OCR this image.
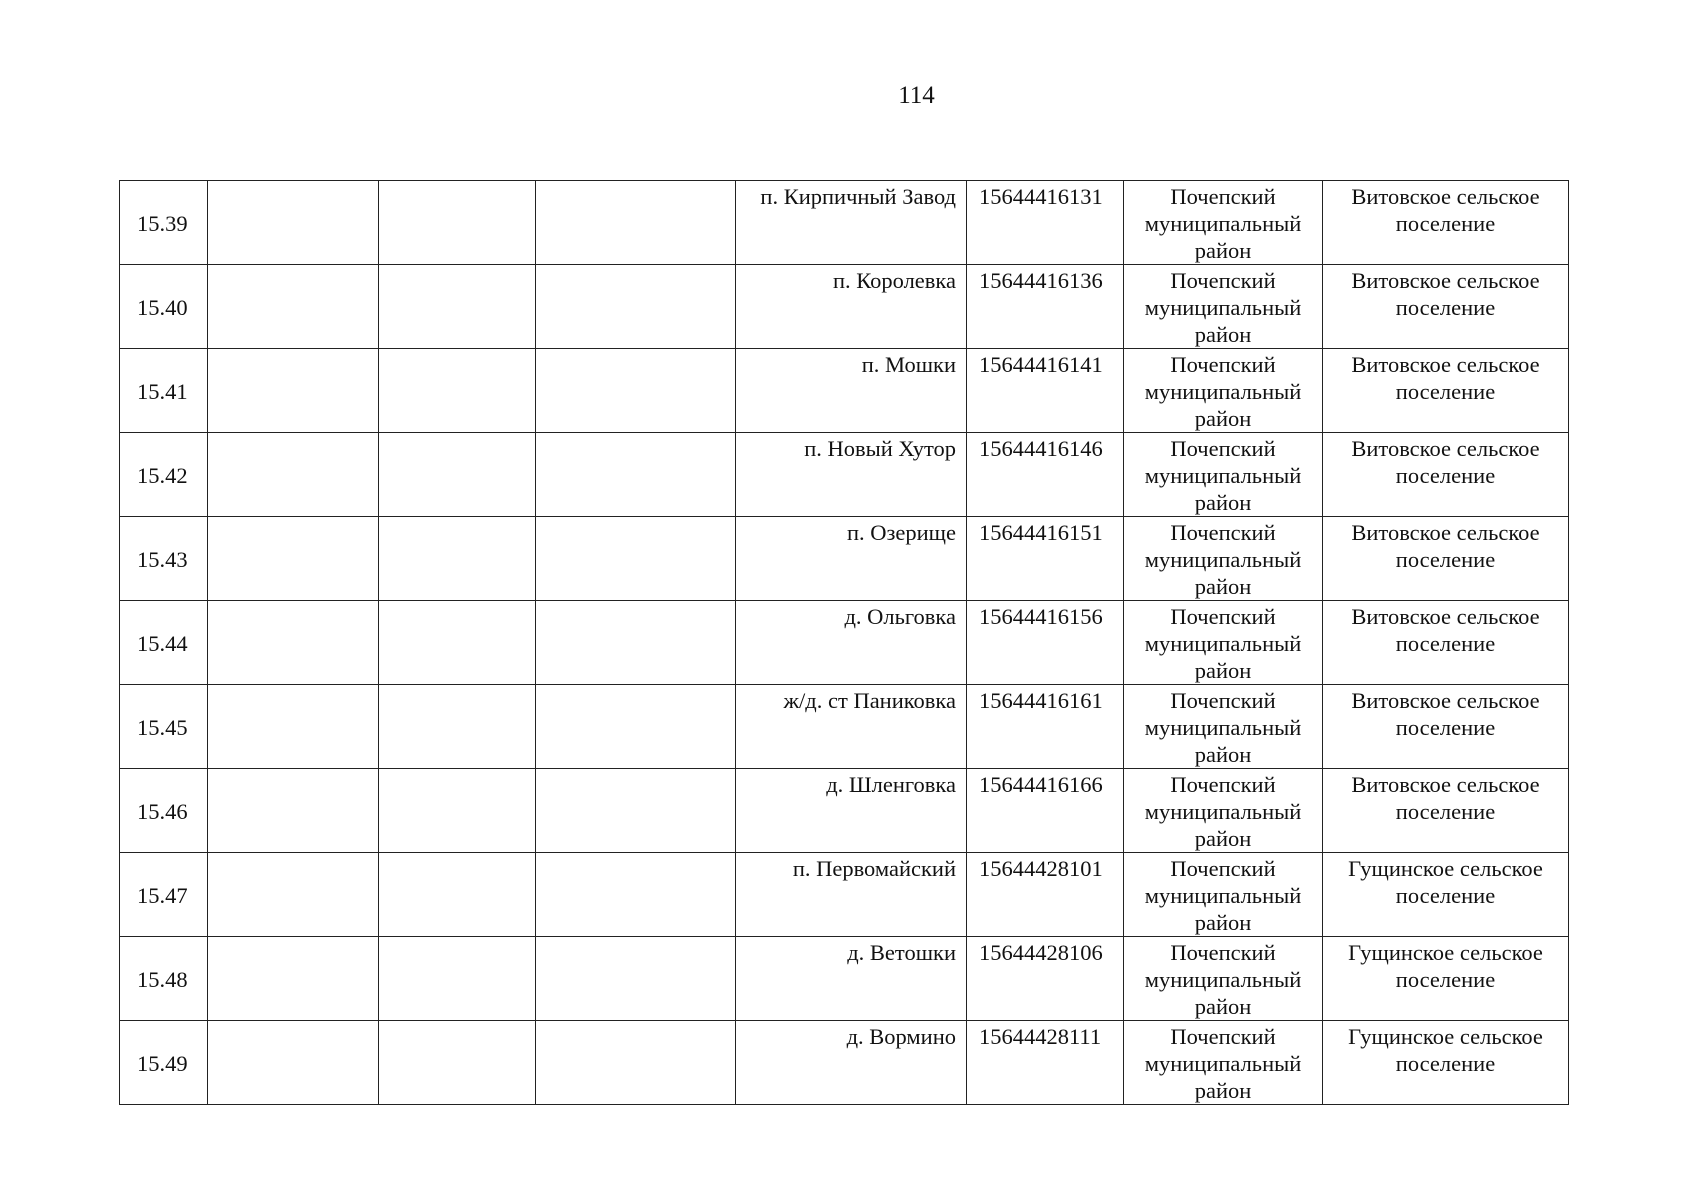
114
15.39				п. Кирпичный Завод	15644416131	Почепский муниципальный район	Витовское сельское поселение
15.40				п. Королевка	15644416136	Почепский муниципальный район	Витовское сельское поселение
15.41				п. Мошки	15644416141	Почепский муниципальный район	Витовское сельское поселение
15.42				п. Новый Хутор	15644416146	Почепский муниципальный район	Витовское сельское поселение
15.43				п. Озерище	15644416151	Почепский муниципальный район	Витовское сельское поселение
15.44				д. Ольговка	15644416156	Почепский муниципальный район	Витовское сельское поселение
15.45				ж/д. ст Паниковка	15644416161	Почепский муниципальный район	Витовское сельское поселение
15.46				д. Шленговка	15644416166	Почепский муниципальный район	Витовское сельское поселение
15.47				п. Первомайский	15644428101	Почепский муниципальный район	Гущинское сельское поселение
15.48				д. Ветошки	15644428106	Почепский муниципальный район	Гущинское сельское поселение
15.49				д. Вормино	15644428111	Почепский муниципальный район	Гущинское сельское поселение
